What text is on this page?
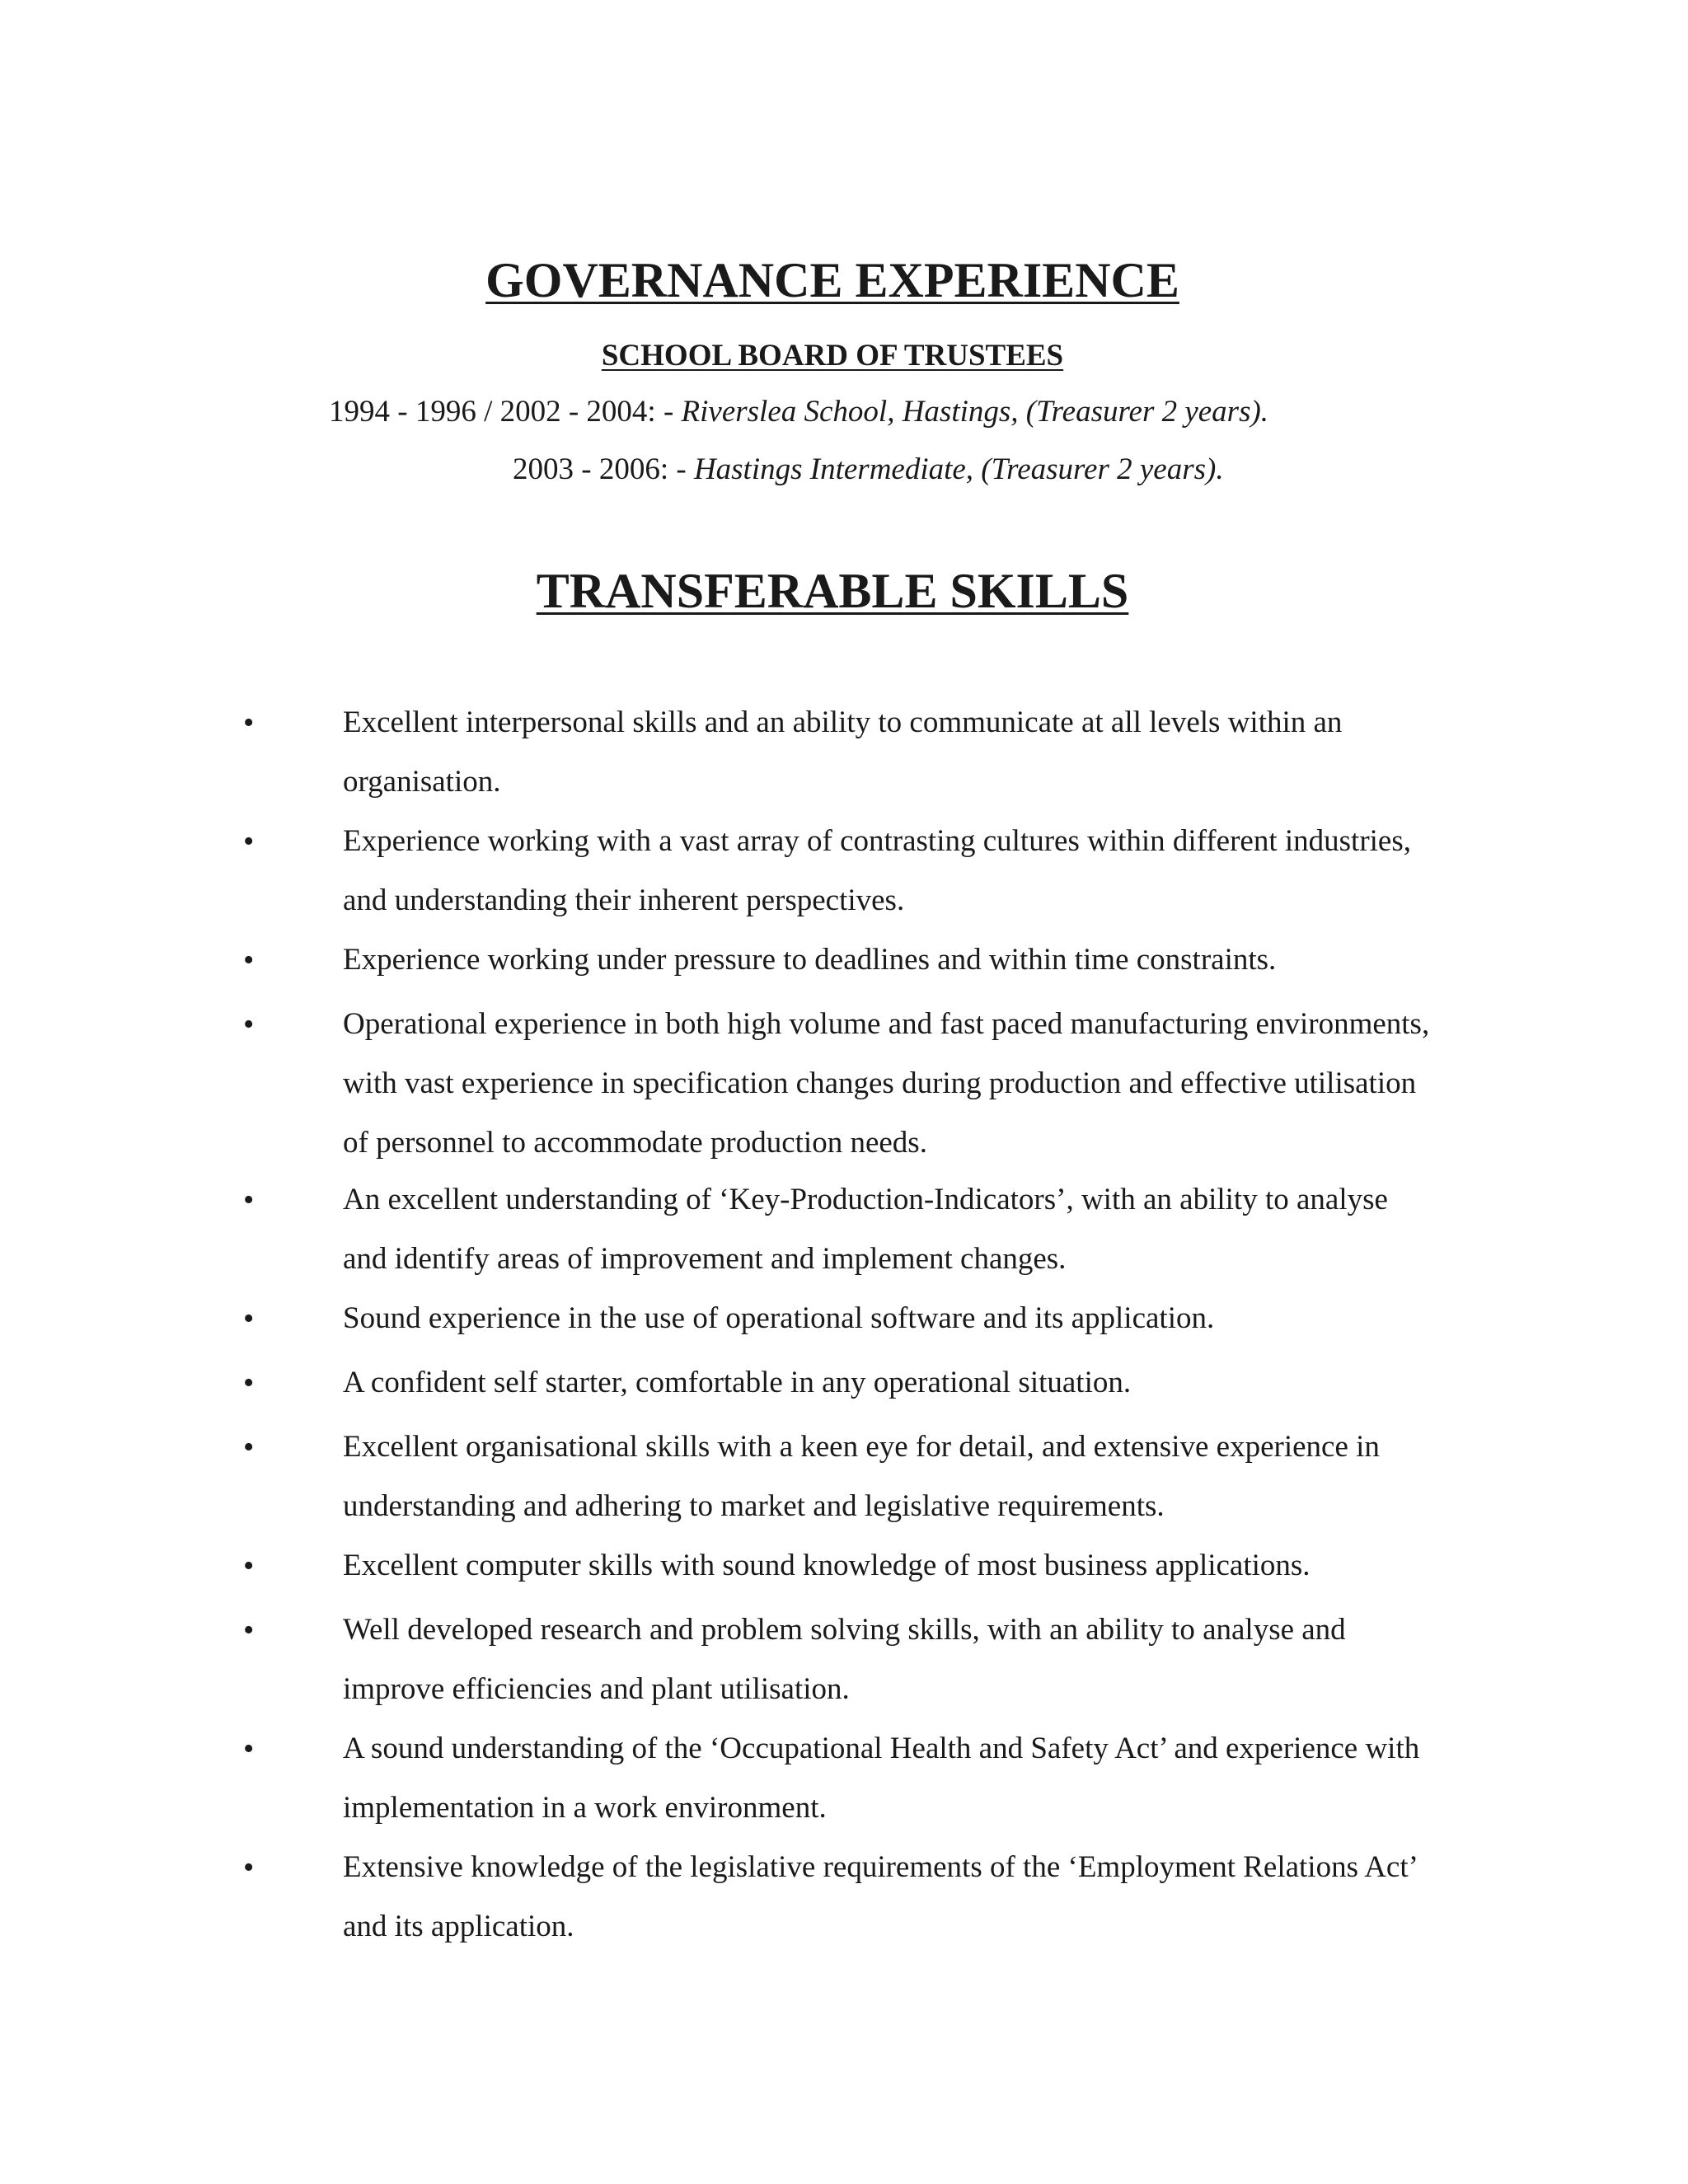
GOVERNANCE EXPERIENCE
SCHOOL BOARD OF TRUSTEES

1994 - 1996 / 2002 - 2004: - Riverslea School, Hastings, (Treasurer 2 years).

2003 - 2006: - Hastings Intermediate, (Treasurer 2 years).

TRANSFERABLE SKILLS
•	Excellent interpersonal skills and an ability to communicate at all levels within an organisation.
•	Experience working with a vast array of contrasting cultures within different industries, and understanding their inherent perspectives.
•	Experience working under pressure to deadlines and within time constraints.
•	Operational experience in both high volume and fast paced manufacturing environments, with vast experience in specification changes during production and effective utilisation of personnel to accommodate production needs.
•	An excellent understanding of ‘Key-Production-Indicators’, with an ability to analyse and identify areas of improvement and implement changes.
•	Sound experience in the use of operational software and its application.
•	A confident self starter, comfortable in any operational situation.
•	Excellent organisational skills with a keen eye for detail, and extensive experience in understanding and adhering to market and legislative requirements.
•	Excellent computer skills with sound knowledge of most business applications.
•	Well developed research and problem solving skills, with an ability to analyse and improve efficiencies and plant utilisation.
•	A sound understanding of the ‘Occupational Health and Safety Act’ and experience with implementation in a work environment.
•	Extensive knowledge of the legislative requirements of the ‘Employment Relations Act’ and its application.
